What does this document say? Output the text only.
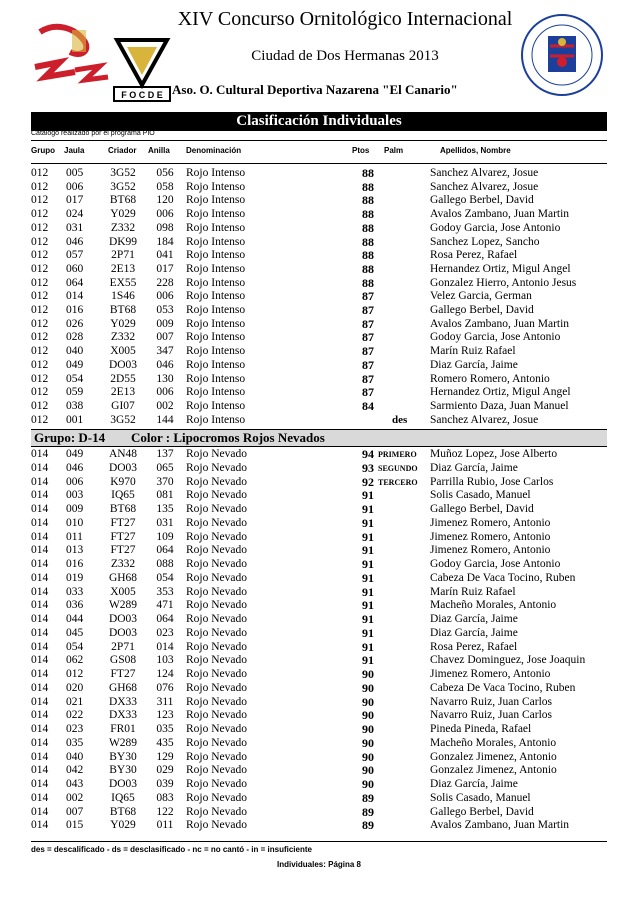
F O C D E
XIV Concurso Ornitológico Internacional
Ciudad de Dos Hermanas 2013
Aso. O. Cultural Deportiva Nazarena "El Canario"
Clasificación Individuales
Catálogo realizado por el programa PIO
Grupo Jaula	Criador Anilla Denominación	Ptos Palm	Apellidos, Nombre
012 005	3G52	056	Rojo Intenso	88	Sanchez Alvarez, Josue
012 006	3G52	058	Rojo Intenso	88	Sanchez Alvarez, Josue
012 017	BT68	120	Rojo Intenso	88	Gallego Berbel, David
012 024	Y029	006	Rojo Intenso	88	Avalos Zambano, Juan Martin
012 031	Z332	098	Rojo Intenso	88	Godoy Garcia, Jose Antonio
012 046	DK99	184	Rojo Intenso	88	Sanchez Lopez, Sancho
012 057	2P71	041	Rojo Intenso	88	Rosa Perez, Rafael
012 060	2E13	017	Rojo Intenso	88	Hernandez Ortiz, Migul Angel
012 064	EX55	228	Rojo Intenso	88	Gonzalez Hierro, Antonio Jesus
012 014	1S46	006	Rojo Intenso	87	Velez Garcia, German
012 016	BT68	053	Rojo Intenso	87	Gallego Berbel, David
012 026	Y029	009	Rojo Intenso	87	Avalos Zambano, Juan Martin
012 028	Z332	007	Rojo Intenso	87	Godoy Garcia, Jose Antonio
012 040	X005	347	Rojo Intenso	87	Marín Ruiz Rafael
012 049	DO03	046	Rojo Intenso	87	Diaz García, Jaime
012 054	2D55	130	Rojo Intenso	87	Romero Romero, Antonio
012 059	2E13	006	Rojo Intenso	87	Hernandez Ortiz, Migul Angel
012 038	GI07	002	Rojo Intenso	84	Sarmiento Daza, Juan Manuel
012 001	3G52	144	Rojo Intenso	des Sanchez Alvarez, Josue
Grupo: D-14 Color : Lipocromos Rojos Nevados
014 049	AN48	137	Rojo Nevado	94 PRIMERO Muñoz Lopez, Jose Alberto
014 046	DO03	065	Rojo Nevado	93 SEGUNDO Diaz García, Jaime
014 006	K970	370	Rojo Nevado	92 TERCERO Parrilla Rubio, Jose Carlos
014 003	IQ65	081	Rojo Nevado	91	Solis Casado, Manuel
014 009	BT68	135	Rojo Nevado	91	Gallego Berbel, David
014 010	FT27	031	Rojo Nevado	91	Jimenez Romero, Antonio
014 011	FT27	109	Rojo Nevado	91	Jimenez Romero, Antonio
014 013	FT27	064	Rojo Nevado	91	Jimenez Romero, Antonio
014 016	Z332	088	Rojo Nevado	91	Godoy Garcia, Jose Antonio
014 019	GH68	054	Rojo Nevado	91	Cabeza De Vaca Tocino, Ruben
014 033	X005	353	Rojo Nevado	91	Marín Ruiz Rafael
014 036	W289	471	Rojo Nevado	91	Macheño Morales, Antonio
014 044	DO03	064	Rojo Nevado	91	Diaz García, Jaime
014 045	DO03	023	Rojo Nevado	91	Diaz García, Jaime
014 054	2P71	014	Rojo Nevado	91	Rosa Perez, Rafael
014 062	GS08	103	Rojo Nevado	91	Chavez Dominguez, Jose Joaquin
014 012	FT27	124	Rojo Nevado	90	Jimenez Romero, Antonio
014 020	GH68	076	Rojo Nevado	90	Cabeza De Vaca Tocino, Ruben
014 021	DX33	311	Rojo Nevado	90	Navarro Ruiz, Juan Carlos
014 022	DX33	123	Rojo Nevado	90	Navarro Ruiz, Juan Carlos
014 023	FR01	035	Rojo Nevado	90	Pineda Pineda, Rafael
014 035	W289	435	Rojo Nevado	90	Macheño Morales, Antonio
014 040	BY30	129	Rojo Nevado	90	Gonzalez Jimenez, Antonio
014 042	BY30	029	Rojo Nevado	90	Gonzalez Jimenez, Antonio
014 043	DO03	039	Rojo Nevado	90	Diaz García, Jaime
014 002	IQ65	083	Rojo Nevado	89	Solis Casado, Manuel
014 007	BT68	122	Rojo Nevado	89	Gallego Berbel, David
014 015	Y029	011	Rojo Nevado	89	Avalos Zambano, Juan Martin
des = descalificado - ds = desclasificado - nc = no cantó - in = insuficiente
Individuales: Página 8
